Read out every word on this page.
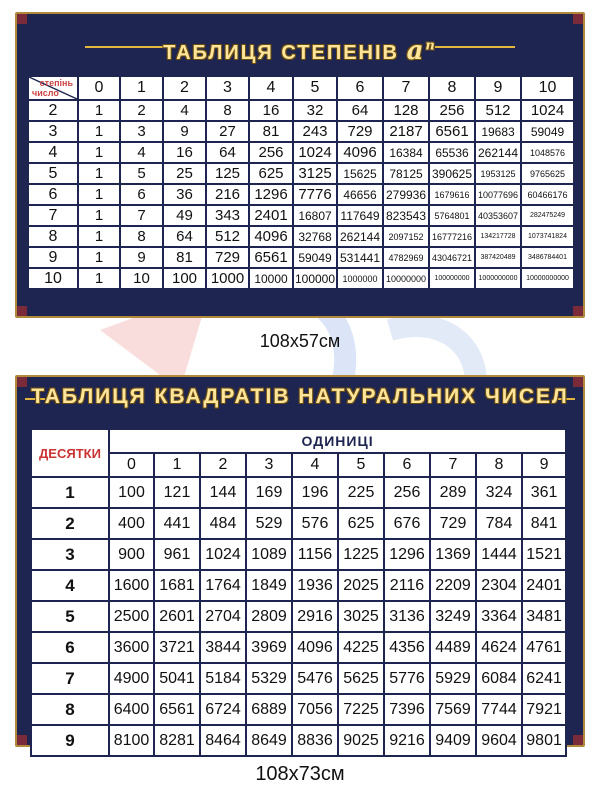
ТАБЛИЦЯ СТЕПЕНІВ $a^n$
степінь
число	0	1	2	3	4	5	6	7	8	9	10
2	1	2	4	8	16	32	64	128	256	512	1024
3	1	3	9	27	81	243	729	2187	6561	19683	59049
4	1	4	16	64	256	1024	4096	16384	65536	262144	1048576
5	1	5	25	125	625	3125	15625	78125	390625	1953125	9765625
6	1	6	36	216	1296	7776	46656	279936	1679616	10077696	60466176
7	1	7	49	343	2401	16807	117649	823543	5764801	40353607	282475249
8	1	8	64	512	4096	32768	262144	2097152	16777216	134217728	1073741824
9	1	9	81	729	6561	59049	531441	4782969	43046721	387420489	3486784401
10	1	10	100	1000	10000	100000	1000000	10000000	100000000	1000000000	10000000000
108x57см
ТАБЛИЦЯ КВАДРАТІВ НАТУРАЛЬНИХ ЧИСЕЛ
ДЕСЯТКИ	ОДИНИЦІ									
	0	1	2	3	4	5	6	7	8	9
1	100	121	144	169	196	225	256	289	324	361
2	400	441	484	529	576	625	676	729	784	841
3	900	961	1024	1089	1156	1225	1296	1369	1444	1521
4	1600	1681	1764	1849	1936	2025	2116	2209	2304	2401
5	2500	2601	2704	2809	2916	3025	3136	3249	3364	3481
6	3600	3721	3844	3969	4096	4225	4356	4489	4624	4761
7	4900	5041	5184	5329	5476	5625	5776	5929	6084	6241
8	6400	6561	6724	6889	7056	7225	7396	7569	7744	7921
9	8100	8281	8464	8649	8836	9025	9216	9409	9604	9801
108x73см
